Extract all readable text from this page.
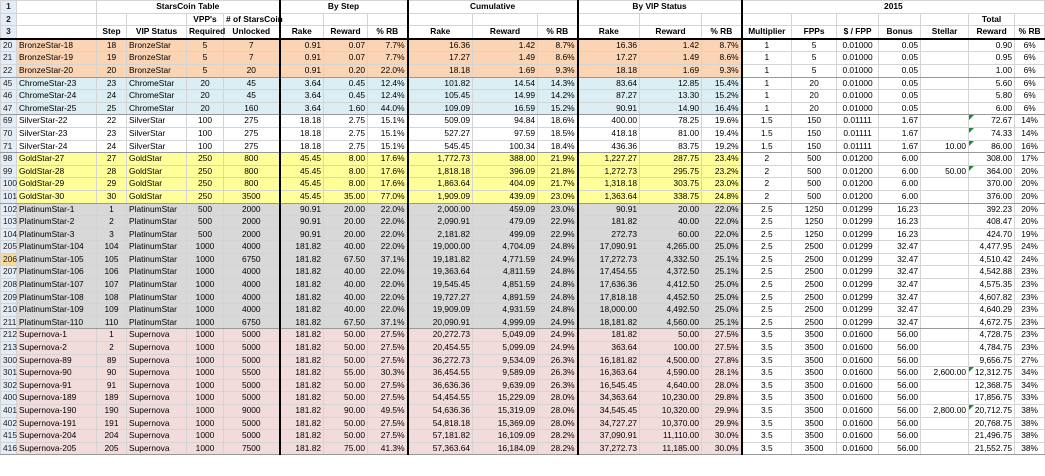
1		StarsCoin Table				By Step			Cumulative			By VIP Status			2015						
2				VPP's	# of StarsCoin															Total	
3		Step	VIP Status	Required	Unlocked	Rake	Reward	% RB	Rake	Reward	% RB	Rake	Reward	% RB	Multiplier	FPPs	$ / FPP	Bonus	Stellar	Reward	% RB
20	BronzeStar-18	18	BronzeStar	5	7	0.91	0.07	7.7%	16.36	1.42	8.7%	16.36	1.42	8.7%	1	5	0.01000	0.05		0.90	6%
21	BronzeStar-19	19	BronzeStar	5	7	0.91	0.07	7.7%	17.27	1.49	8.6%	17.27	1.49	8.6%	1	5	0.01000	0.05		0.95	6%
22	BronzeStar-20	20	BronzeStar	5	20	0.91	0.20	22.0%	18.18	1.69	9.3%	18.18	1.69	9.3%	1	5	0.01000	0.05		1.00	6%
45	ChromeStar-23	23	ChromeStar	20	45	3.64	0.45	12.4%	101.82	14.54	14.3%	83.64	12.85	15.4%	1	20	0.01000	0.05		5.60	6%
46	ChromeStar-24	24	ChromeStar	20	45	3.64	0.45	12.4%	105.45	14.99	14.2%	87.27	13.30	15.2%	1	20	0.01000	0.05		5.80	6%
47	ChromeStar-25	25	ChromeStar	20	160	3.64	1.60	44.0%	109.09	16.59	15.2%	90.91	14.90	16.4%	1	20	0.01000	0.05		6.00	6%
69	SilverStar-22	22	SilverStar	100	275	18.18	2.75	15.1%	509.09	94.84	18.6%	400.00	78.25	19.6%	1.5	150	0.01111	1.67		72.67	14%
70	SilverStar-23	23	SilverStar	100	275	18.18	2.75	15.1%	527.27	97.59	18.5%	418.18	81.00	19.4%	1.5	150	0.01111	1.67		74.33	14%
71	SilverStar-24	24	SilverStar	100	275	18.18	2.75	15.1%	545.45	100.34	18.4%	436.36	83.75	19.2%	1.5	150	0.01111	1.67	10.00	86.00	16%
98	GoldStar-27	27	GoldStar	250	800	45.45	8.00	17.6%	1,772.73	388.00	21.9%	1,227.27	287.75	23.4%	2	500	0.01200	6.00		308.00	17%
99	GoldStar-28	28	GoldStar	250	800	45.45	8.00	17.6%	1,818.18	396.09	21.8%	1,272.73	295.75	23.2%	2	500	0.01200	6.00	50.00	364.00	20%
100	GoldStar-29	29	GoldStar	250	800	45.45	8.00	17.6%	1,863.64	404.09	21.7%	1,318.18	303.75	23.0%	2	500	0.01200	6.00		370.00	20%
101	GoldStar-30	30	GoldStar	250	3500	45.45	35.00	77.0%	1,909.09	439.09	23.0%	1,363.64	338.75	24.8%	2	500	0.01200	6.00		376.00	20%
102	PlatinumStar-1	1	PlatinumStar	500	2000	90.91	20.00	22.0%	2,000.00	459.09	23.0%	90.91	20.00	22.0%	2.5	1250	0.01299	16.23		392.23	20%
103	PlatinumStar-2	2	PlatinumStar	500	2000	90.91	20.00	22.0%	2,090.91	479.09	22.9%	181.82	40.00	22.0%	2.5	1250	0.01299	16.23		408.47	20%
104	PlatinumStar-3	3	PlatinumStar	500	2000	90.91	20.00	22.0%	2,181.82	499.09	22.9%	272.73	60.00	22.0%	2.5	1250	0.01299	16.23		424.70	19%
205	PlatinumStar-104	104	PlatinumStar	1000	4000	181.82	40.00	22.0%	19,000.00	4,704.09	24.8%	17,090.91	4,265.00	25.0%	2.5	2500	0.01299	32.47		4,477.95	24%
206	PlatinumStar-105	105	PlatinumStar	1000	6750	181.82	67.50	37.1%	19,181.82	4,771.59	24.9%	17,272.73	4,332.50	25.1%	2.5	2500	0.01299	32.47		4,510.42	24%
207	PlatinumStar-106	106	PlatinumStar	1000	4000	181.82	40.00	22.0%	19,363.64	4,811.59	24.8%	17,454.55	4,372.50	25.1%	2.5	2500	0.01299	32.47		4,542.88	23%
208	PlatinumStar-107	107	PlatinumStar	1000	4000	181.82	40.00	22.0%	19,545.45	4,851.59	24.8%	17,636.36	4,412.50	25.0%	2.5	2500	0.01299	32.47		4,575.35	23%
209	PlatinumStar-108	108	PlatinumStar	1000	4000	181.82	40.00	22.0%	19,727.27	4,891.59	24.8%	17,818.18	4,452.50	25.0%	2.5	2500	0.01299	32.47		4,607.82	23%
210	PlatinumStar-109	109	PlatinumStar	1000	4000	181.82	40.00	22.0%	19,909.09	4,931.59	24.8%	18,000.00	4,492.50	25.0%	2.5	2500	0.01299	32.47		4,640.29	23%
211	PlatinumStar-110	110	PlatinumStar	1000	6750	181.82	67.50	37.1%	20,090.91	4,999.09	24.9%	18,181.82	4,560.00	25.1%	2.5	2500	0.01299	32.47		4,672.75	23%
212	Supernova-1	1	Supernova	1000	5000	181.82	50.00	27.5%	20,272.73	5,049.09	24.9%	181.82	50.00	27.5%	3.5	3500	0.01600	56.00		4,728.75	23%
213	Supernova-2	2	Supernova	1000	5000	181.82	50.00	27.5%	20,454.55	5,099.09	24.9%	363.64	100.00	27.5%	3.5	3500	0.01600	56.00		4,784.75	23%
300	Supernova-89	89	Supernova	1000	5000	181.82	50.00	27.5%	36,272.73	9,534.09	26.3%	16,181.82	4,500.00	27.8%	3.5	3500	0.01600	56.00		9,656.75	27%
301	Supernova-90	90	Supernova	1000	5500	181.82	55.00	30.3%	36,454.55	9,589.09	26.3%	16,363.64	4,590.00	28.1%	3.5	3500	0.01600	56.00	2,600.00	12,312.75	34%
302	Supernova-91	91	Supernova	1000	5000	181.82	50.00	27.5%	36,636.36	9,639.09	26.3%	16,545.45	4,640.00	28.0%	3.5	3500	0.01600	56.00		12,368.75	34%
400	Supernova-189	189	Supernova	1000	5000	181.82	50.00	27.5%	54,454.55	15,229.09	28.0%	34,363.64	10,230.00	29.8%	3.5	3500	0.01600	56.00		17,856.75	33%
401	Supernova-190	190	Supernova	1000	9000	181.82	90.00	49.5%	54,636.36	15,319.09	28.0%	34,545.45	10,320.00	29.9%	3.5	3500	0.01600	56.00	2,800.00	20,712.75	38%
402	Supernova-191	191	Supernova	1000	5000	181.82	50.00	27.5%	54,818.18	15,369.09	28.0%	34,727.27	10,370.00	29.9%	3.5	3500	0.01600	56.00		20,768.75	38%
415	Supernova-204	204	Supernova	1000	5000	181.82	50.00	27.5%	57,181.82	16,109.09	28.2%	37,090.91	11,110.00	30.0%	3.5	3500	0.01600	56.00		21,496.75	38%
416	Supernova-205	205	Supernova	1000	7500	181.82	75.00	41.3%	57,363.64	16,184.09	28.2%	37,272.73	11,185.00	30.0%	3.5	3500	0.01600	56.00		21,552.75	38%
